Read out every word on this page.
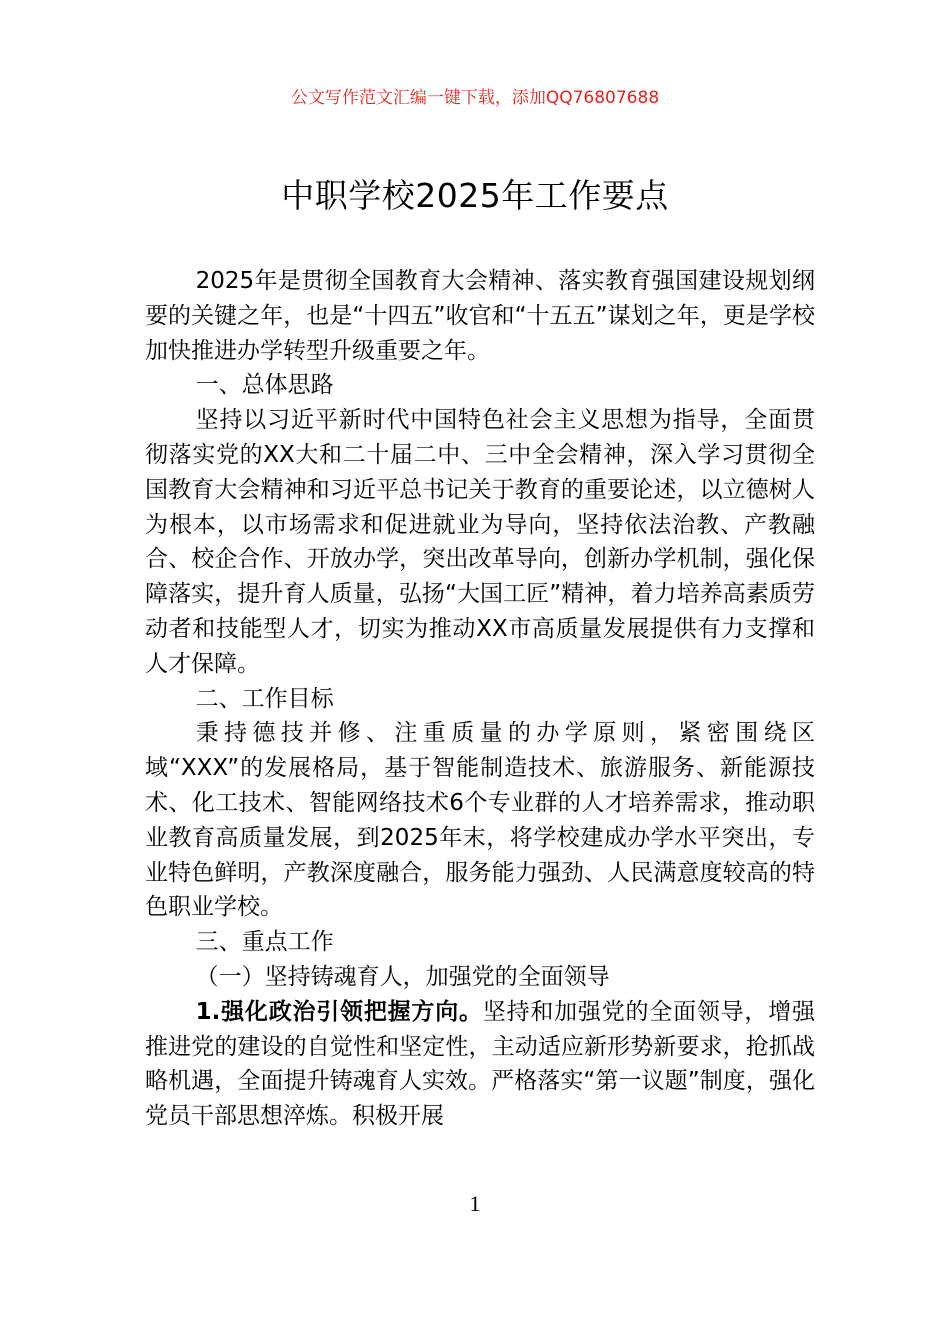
公文写作范文汇编一键下载，添加QQ76807688
中职学校2025年工作要点

2025年是贯彻全国教育大会精神、落实教育强国建设规划纲要的关键之年，也是“十四五”收官和“十五五”谋划之年，更是学校加快推进办学转型升级重要之年。

一、总体思路

坚持以习近平新时代中国特色社会主义思想为指导，全面贯彻落实党的XX大和二十届二中、三中全会精神，深入学习贯彻全国教育大会精神和习近平总书记关于教育的重要论述，以立德树人为根本，以市场需求和促进就业为导向，坚持依法治教、产教融合、校企合作、开放办学，突出改革导向，创新办学机制，强化保障落实，提升育人质量，弘扬“大国工匠”精神，着力培养高素质劳动者和技能型人才，切实为推动XX市高质量发展提供有力支撑和人才保障。

二、工作目标

秉持德技并修、注重质量的办学原则，紧密围绕区域“XXX”的发展格局，基于智能制造技术、旅游服务、新能源技术、化工技术、智能网络技术6个专业群的人才培养需求，推动职业教育高质量发展，到2025年末，将学校建成办学水平突出，专业特色鲜明，产教深度融合，服务能力强劲、人民满意度较高的特色职业学校。

三、重点工作

（一）坚持铸魂育人，加强党的全面领导

1.强化政治引领把握方向。坚持和加强党的全面领导，增强推进党的建设的自觉性和坚定性，主动适应新形势新要求，抢抓战略机遇，全面提升铸魂育人实效。严格落实“第一议题”制度，强化党员干部思想淬炼。积极开展

1
